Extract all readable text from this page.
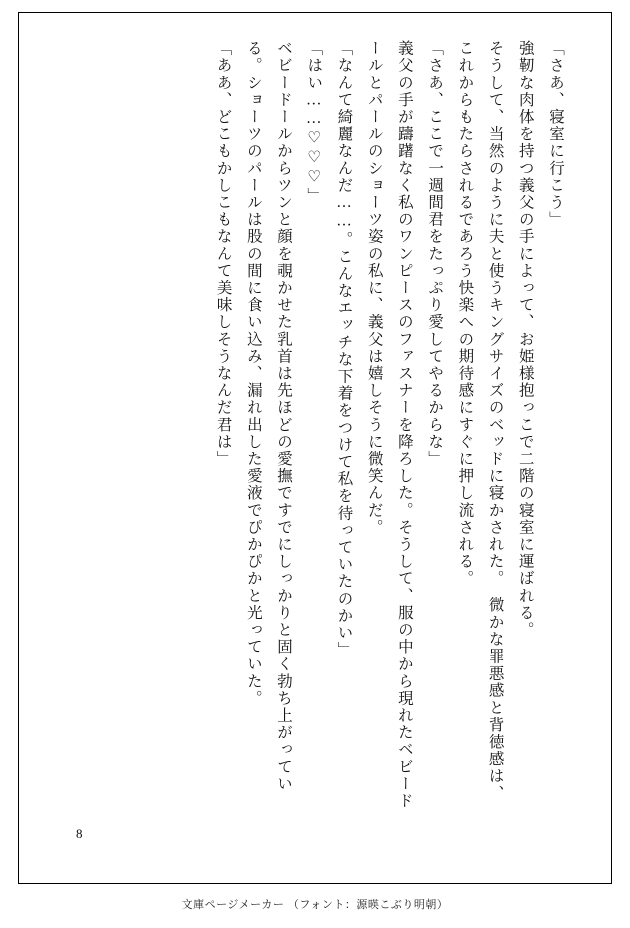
「さあ、寝室に行こう」

強靭な肉体を持つ義父の手によって、お姫様抱っこで二階の寝室に運ばれる。

そうして、当然のように夫と使うキングサイズのベッドに寝かされた。　微かな罪悪感と背徳感は、これからもたらされるであろう快楽への期待感にすぐに押し流される。

「さあ、ここで一週間君をたっぷり愛してやるからな」

義父の手が躊躇なく私のワンピースのファスナーを降ろした。そうして、服の中から現れたベビードールとパールのショーツ姿の私に、義父は嬉しそうに微笑んだ。

「なんて綺麗なんだ……。こんなエッチな下着をつけて私を待っていたのかい」

「はい……♡♡♡」

ベビードールからツンと顔を覗かせた乳首は先ほどの愛撫ですでにしっかりと固く勃ち上がっている。ショーツのパールは股の間に食い込み、漏れ出した愛液でぴかぴかと光っていた。

「ああ、どこもかしこもなんて美味しそうなんだ君は」

8
文庫ページメーカー （フォント：源暎こぶり明朝）
